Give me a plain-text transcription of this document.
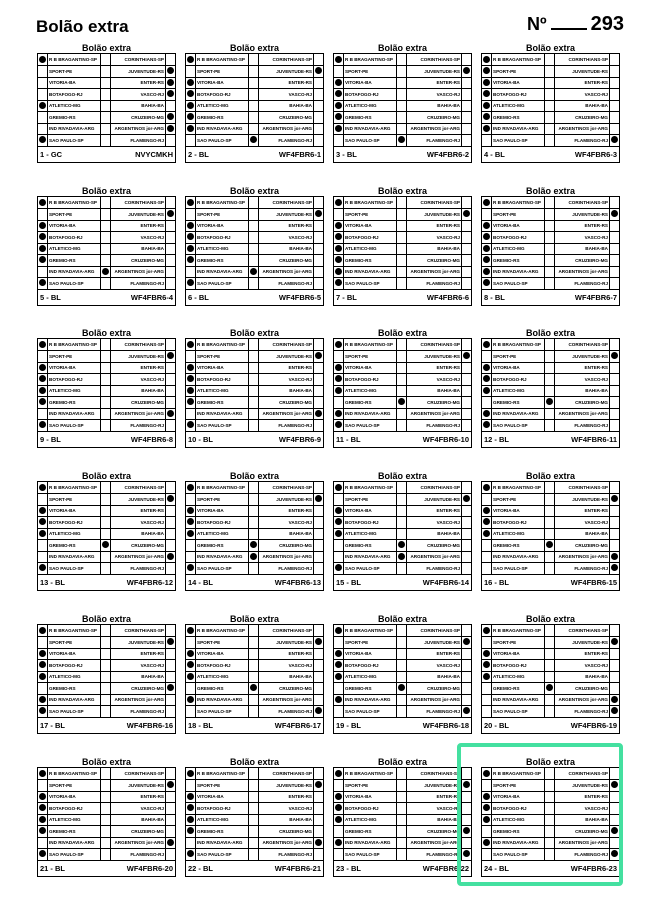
Bolão extra	Nº 293
Bolão extra
R B BRAGANTINO-SP	CORINTHIANS-SP
SPORT-PE	JUVENTUDE-RS
VITORIA-BA	ENTER-RS
BOTAFOGO-RJ	VASCO-RJ
ATLETICO-MG	BAHIA-BA
GREMIO-RS	CRUZEIRO-MG
IND RIVADAVIA-ARG	ARGENTINOS jor-ARG
SAO PAULO-SP	FLAMENGO-RJ
1 - GC	NVYCMKH
Bolão extra
R B BRAGANTINO-SP	CORINTHIANS-SP
SPORT-PE	JUVENTUDE-RS
VITORIA-BA	ENTER-RS
BOTAFOGO-RJ	VASCO-RJ
ATLETICO-MG	BAHIA-BA
GREMIO-RS	CRUZEIRO-MG
IND RIVADAVIA-ARG	ARGENTINOS jor-ARG
SAO PAULO-SP	FLAMENGO-RJ
2 - BL	WF4FBR6-1
Bolão extra
R B BRAGANTINO-SP	CORINTHIANS-SP
SPORT-PE	JUVENTUDE-RS
VITORIA-BA	ENTER-RS
BOTAFOGO-RJ	VASCO-RJ
ATLETICO-MG	BAHIA-BA
GREMIO-RS	CRUZEIRO-MG
IND RIVADAVIA-ARG	ARGENTINOS jor-ARG
SAO PAULO-SP	FLAMENGO-RJ
3 - BL	WF4FBR6-2
Bolão extra
R B BRAGANTINO-SP	CORINTHIANS-SP
SPORT-PE	JUVENTUDE-RS
VITORIA-BA	ENTER-RS
BOTAFOGO-RJ	VASCO-RJ
ATLETICO-MG	BAHIA-BA
GREMIO-RS	CRUZEIRO-MG
IND RIVADAVIA-ARG	ARGENTINOS jor-ARG
SAO PAULO-SP	FLAMENGO-RJ
4 - BL	WF4FBR6-3
Bolão extra
R B BRAGANTINO-SP	CORINTHIANS-SP
SPORT-PE	JUVENTUDE-RS
VITORIA-BA	ENTER-RS
BOTAFOGO-RJ	VASCO-RJ
ATLETICO-MG	BAHIA-BA
GREMIO-RS	CRUZEIRO-MG
IND RIVADAVIA-ARG	ARGENTINOS jor-ARG
SAO PAULO-SP	FLAMENGO-RJ
5 - BL	WF4FBR6-4
Bolão extra
R B BRAGANTINO-SP	CORINTHIANS-SP
SPORT-PE	JUVENTUDE-RS
VITORIA-BA	ENTER-RS
BOTAFOGO-RJ	VASCO-RJ
ATLETICO-MG	BAHIA-BA
GREMIO-RS	CRUZEIRO-MG
IND RIVADAVIA-ARG	ARGENTINOS jor-ARG
SAO PAULO-SP	FLAMENGO-RJ
6 - BL	WF4FBR6-5
Bolão extra
R B BRAGANTINO-SP	CORINTHIANS-SP
SPORT-PE	JUVENTUDE-RS
VITORIA-BA	ENTER-RS
BOTAFOGO-RJ	VASCO-RJ
ATLETICO-MG	BAHIA-BA
GREMIO-RS	CRUZEIRO-MG
IND RIVADAVIA-ARG	ARGENTINOS jor-ARG
SAO PAULO-SP	FLAMENGO-RJ
7 - BL	WF4FBR6-6
Bolão extra
R B BRAGANTINO-SP	CORINTHIANS-SP
SPORT-PE	JUVENTUDE-RS
VITORIA-BA	ENTER-RS
BOTAFOGO-RJ	VASCO-RJ
ATLETICO-MG	BAHIA-BA
GREMIO-RS	CRUZEIRO-MG
IND RIVADAVIA-ARG	ARGENTINOS jor-ARG
SAO PAULO-SP	FLAMENGO-RJ
8 - BL	WF4FBR6-7
Bolão extra
R B BRAGANTINO-SP	CORINTHIANS-SP
SPORT-PE	JUVENTUDE-RS
VITORIA-BA	ENTER-RS
BOTAFOGO-RJ	VASCO-RJ
ATLETICO-MG	BAHIA-BA
GREMIO-RS	CRUZEIRO-MG
IND RIVADAVIA-ARG	ARGENTINOS jor-ARG
SAO PAULO-SP	FLAMENGO-RJ
9 - BL	WF4FBR6-8
Bolão extra
R B BRAGANTINO-SP	CORINTHIANS-SP
SPORT-PE	JUVENTUDE-RS
VITORIA-BA	ENTER-RS
BOTAFOGO-RJ	VASCO-RJ
ATLETICO-MG	BAHIA-BA
GREMIO-RS	CRUZEIRO-MG
IND RIVADAVIA-ARG	ARGENTINOS jor-ARG
SAO PAULO-SP	FLAMENGO-RJ
10 - BL	WF4FBR6-9
Bolão extra
R B BRAGANTINO-SP	CORINTHIANS-SP
SPORT-PE	JUVENTUDE-RS
VITORIA-BA	ENTER-RS
BOTAFOGO-RJ	VASCO-RJ
ATLETICO-MG	BAHIA-BA
GREMIO-RS	CRUZEIRO-MG
IND RIVADAVIA-ARG	ARGENTINOS jor-ARG
SAO PAULO-SP	FLAMENGO-RJ
11 - BL	WF4FBR6-10
Bolão extra
R B BRAGANTINO-SP	CORINTHIANS-SP
SPORT-PE	JUVENTUDE-RS
VITORIA-BA	ENTER-RS
BOTAFOGO-RJ	VASCO-RJ
ATLETICO-MG	BAHIA-BA
GREMIO-RS	CRUZEIRO-MG
IND RIVADAVIA-ARG	ARGENTINOS jor-ARG
SAO PAULO-SP	FLAMENGO-RJ
12 - BL	WF4FBR6-11
Bolão extra
R B BRAGANTINO-SP	CORINTHIANS-SP
SPORT-PE	JUVENTUDE-RS
VITORIA-BA	ENTER-RS
BOTAFOGO-RJ	VASCO-RJ
ATLETICO-MG	BAHIA-BA
GREMIO-RS	CRUZEIRO-MG
IND RIVADAVIA-ARG	ARGENTINOS jor-ARG
SAO PAULO-SP	FLAMENGO-RJ
13 - BL	WF4FBR6-12
Bolão extra
R B BRAGANTINO-SP	CORINTHIANS-SP
SPORT-PE	JUVENTUDE-RS
VITORIA-BA	ENTER-RS
BOTAFOGO-RJ	VASCO-RJ
ATLETICO-MG	BAHIA-BA
GREMIO-RS	CRUZEIRO-MG
IND RIVADAVIA-ARG	ARGENTINOS jor-ARG
SAO PAULO-SP	FLAMENGO-RJ
14 - BL	WF4FBR6-13
Bolão extra
R B BRAGANTINO-SP	CORINTHIANS-SP
SPORT-PE	JUVENTUDE-RS
VITORIA-BA	ENTER-RS
BOTAFOGO-RJ	VASCO-RJ
ATLETICO-MG	BAHIA-BA
GREMIO-RS	CRUZEIRO-MG
IND RIVADAVIA-ARG	ARGENTINOS jor-ARG
SAO PAULO-SP	FLAMENGO-RJ
15 - BL	WF4FBR6-14
Bolão extra
R B BRAGANTINO-SP	CORINTHIANS-SP
SPORT-PE	JUVENTUDE-RS
VITORIA-BA	ENTER-RS
BOTAFOGO-RJ	VASCO-RJ
ATLETICO-MG	BAHIA-BA
GREMIO-RS	CRUZEIRO-MG
IND RIVADAVIA-ARG	ARGENTINOS jor-ARG
SAO PAULO-SP	FLAMENGO-RJ
16 - BL	WF4FBR6-15
Bolão extra
R B BRAGANTINO-SP	CORINTHIANS-SP
SPORT-PE	JUVENTUDE-RS
VITORIA-BA	ENTER-RS
BOTAFOGO-RJ	VASCO-RJ
ATLETICO-MG	BAHIA-BA
GREMIO-RS	CRUZEIRO-MG
IND RIVADAVIA-ARG	ARGENTINOS jor-ARG
SAO PAULO-SP	FLAMENGO-RJ
17 - BL	WF4FBR6-16
Bolão extra
R B BRAGANTINO-SP	CORINTHIANS-SP
SPORT-PE	JUVENTUDE-RS
VITORIA-BA	ENTER-RS
BOTAFOGO-RJ	VASCO-RJ
ATLETICO-MG	BAHIA-BA
GREMIO-RS	CRUZEIRO-MG
IND RIVADAVIA-ARG	ARGENTINOS jor-ARG
SAO PAULO-SP	FLAMENGO-RJ
18 - BL	WF4FBR6-17
Bolão extra
R B BRAGANTINO-SP	CORINTHIANS-SP
SPORT-PE	JUVENTUDE-RS
VITORIA-BA	ENTER-RS
BOTAFOGO-RJ	VASCO-RJ
ATLETICO-MG	BAHIA-BA
GREMIO-RS	CRUZEIRO-MG
IND RIVADAVIA-ARG	ARGENTINOS jor-ARG
SAO PAULO-SP	FLAMENGO-RJ
19 - BL	WF4FBR6-18
Bolão extra
R B BRAGANTINO-SP	CORINTHIANS-SP
SPORT-PE	JUVENTUDE-RS
VITORIA-BA	ENTER-RS
BOTAFOGO-RJ	VASCO-RJ
ATLETICO-MG	BAHIA-BA
GREMIO-RS	CRUZEIRO-MG
IND RIVADAVIA-ARG	ARGENTINOS jor-ARG
SAO PAULO-SP	FLAMENGO-RJ
20 - BL	WF4FBR6-19
Bolão extra
R B BRAGANTINO-SP	CORINTHIANS-SP
SPORT-PE	JUVENTUDE-RS
VITORIA-BA	ENTER-RS
BOTAFOGO-RJ	VASCO-RJ
ATLETICO-MG	BAHIA-BA
GREMIO-RS	CRUZEIRO-MG
IND RIVADAVIA-ARG	ARGENTINOS jor-ARG
SAO PAULO-SP	FLAMENGO-RJ
21 - BL	WF4FBR6-20
Bolão extra
R B BRAGANTINO-SP	CORINTHIANS-SP
SPORT-PE	JUVENTUDE-RS
VITORIA-BA	ENTER-RS
BOTAFOGO-RJ	VASCO-RJ
ATLETICO-MG	BAHIA-BA
GREMIO-RS	CRUZEIRO-MG
IND RIVADAVIA-ARG	ARGENTINOS jor-ARG
SAO PAULO-SP	FLAMENGO-RJ
22 - BL	WF4FBR6-21
Bolão extra
R B BRAGANTINO-SP	CORINTHIANS-SP
SPORT-PE	JUVENTUDE-RS
VITORIA-BA	ENTER-RS
BOTAFOGO-RJ	VASCO-RJ
ATLETICO-MG	BAHIA-BA
GREMIO-RS	CRUZEIRO-MG
IND RIVADAVIA-ARG	ARGENTINOS jor-ARG
SAO PAULO-SP	FLAMENGO-RJ
23 - BL	WF4FBR6-22
Bolão extra
R B BRAGANTINO-SP	CORINTHIANS-SP
SPORT-PE	JUVENTUDE-RS
VITORIA-BA	ENTER-RS
BOTAFOGO-RJ	VASCO-RJ
ATLETICO-MG	BAHIA-BA
GREMIO-RS	CRUZEIRO-MG
IND RIVADAVIA-ARG	ARGENTINOS jor-ARG
SAO PAULO-SP	FLAMENGO-RJ
24 - BL	WF4FBR6-23
